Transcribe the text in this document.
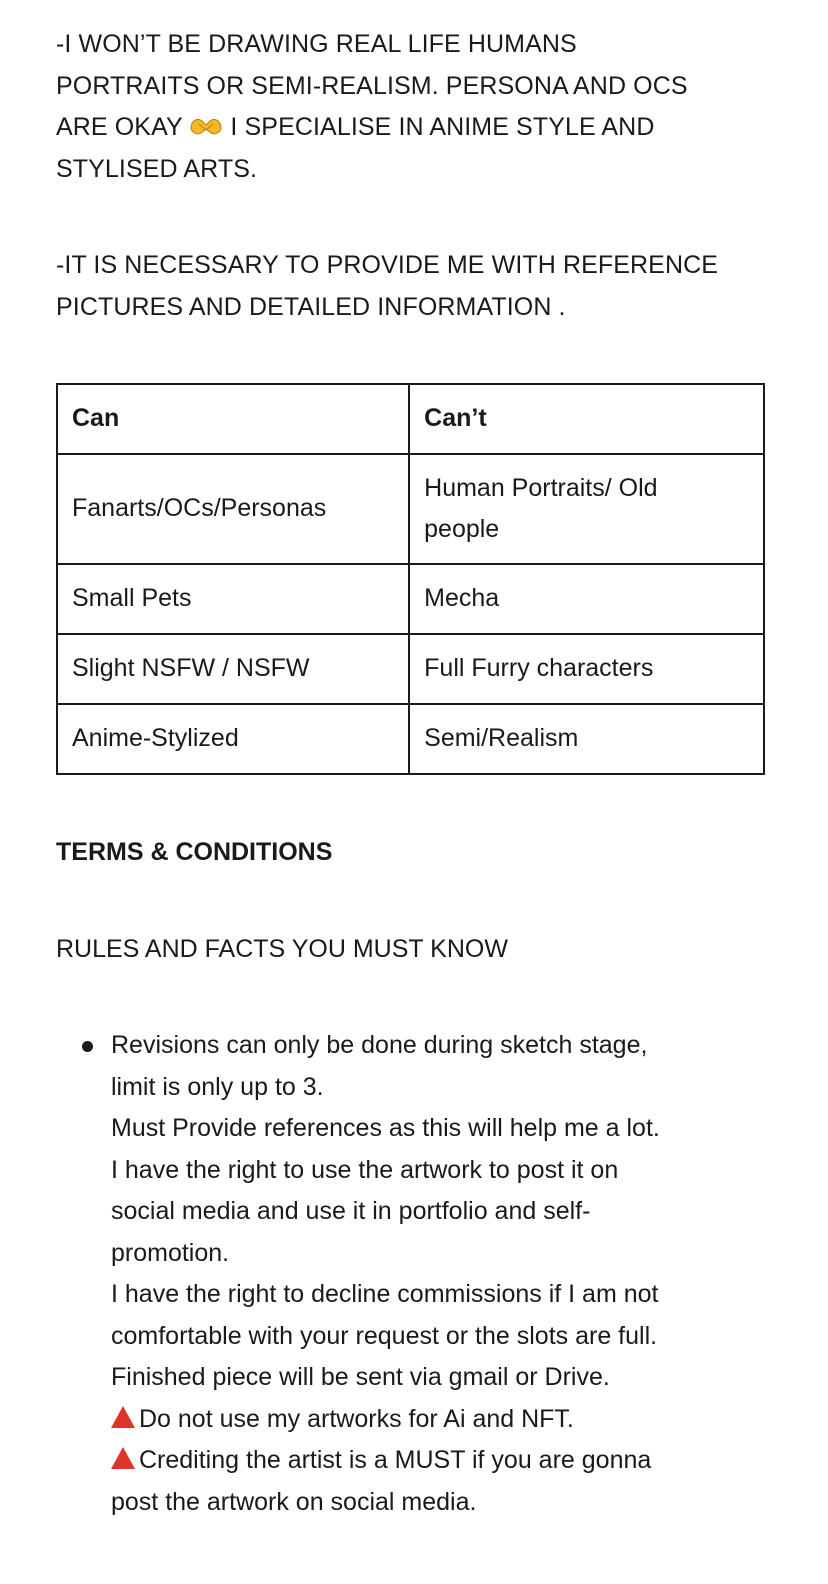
-I WON’T BE DRAWING REAL LIFE HUMANS
PORTRAITS OR SEMI-REALISM. PERSONA AND OCS
ARE OKAY I SPECIALISE IN ANIME STYLE AND
STYLISED ARTS.

-IT IS NECESSARY TO PROVIDE ME WITH REFERENCE
PICTURES AND DETAILED INFORMATION .

Can	Can’t
Fanarts/OCs/Personas	Human Portraits/ Old
people

Small Pets	Mecha
Slight NSFW / NSFW	Full Furry characters
Anime-Stylized	Semi/Realism
TERMS & CONDITIONS
RULES AND FACTS YOU MUST KNOW
Revisions can only be done during sketch stage,
limit is only up to 3.
Must Provide references as this will help me a lot.
I have the right to use the artwork to post it on
social media and use it in portfolio and self-
promotion.
I have the right to decline commissions if I am not
comfortable with your request or the slots are full.
Finished piece will be sent via gmail or Drive.
Do not use my artworks for Ai and NFT.
Crediting the artist is a MUST if you are gonna
post the artwork on social media.
